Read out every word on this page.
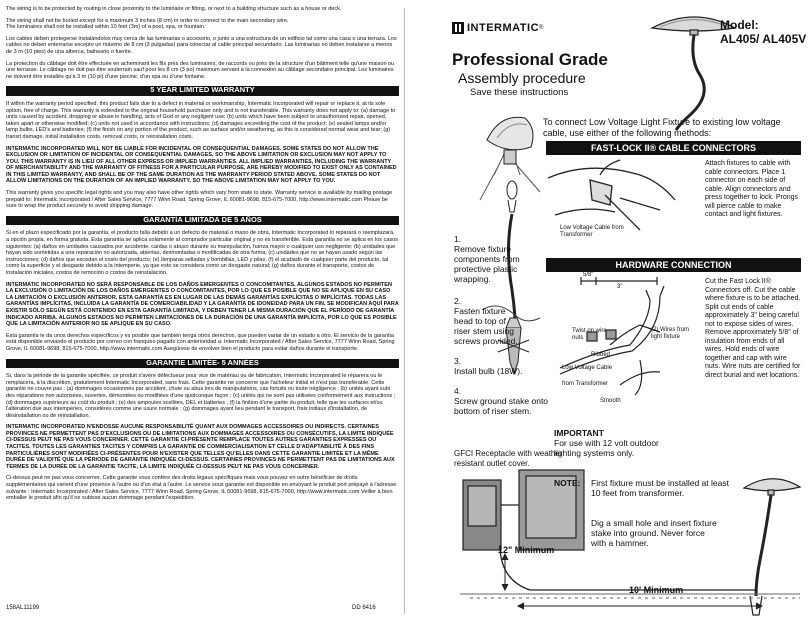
The wiring is to be protected by routing in close proximity to the luminaire or fitting, or next to a building structure such as a house or deck.

The wiring shall not be buried except for a maximum 3 inches (8 cm) in order to connect to the main secondary wire.

The luminaires shall not be installed within 10 feet (3m) of a pool, spa, or fountain.

Los cables deben protegerse instalándolos muy cerca de las luminarias o accesorio, o junto a una estructura de un edificio tal como una casa o una terraza. Los cables no deben enterrarse excepto un máximo de 8 cm (3 pulgadas) para conectar al cable principal secundario. Las luminarias no deben instalarse a menos de 3 m (10 pies) de una alberca, balneario o fuente.

La protection du câblage doit être effectuée en acheminant les fils près des luminaires, de raccords ou près de la structure d'un bâtiment telle qu'une maison ou une terrasse. Le câblage ne doit pas être souterrain sauf pour les 8 cm (3 po) maximum servant à la connexion au câblage secondaire principal. Les luminaires ne doivent être installés qu'à 3 m (10 pi) d'une piscine, d'un spa ou d'une fontaine.

5 YEAR LIMITED WARRANTY

If within the warranty period specified, this product fails due to a defect in material or workmanship, Intermatic Incorporated will repair or replace it, at its sole option, free of charge. This warranty is extended to the original household purchaser only and is not transferable. This warranty does not apply to: (a) damage to units caused by accident, dropping or abuse in handling, acts of God or any negligent use; (b) units which have been subject to unauthorized repair, opened, taken apart or otherwise modified; (c) units not used in accordance with instructions; (d) damages exceeding the cost of the product; (e) sealed lamps and/or lamp bulbs, LED's and batteries; (f) the finish on any portion of the product, such as surface and/or weathering, as this is considered normal wear and tear; (g) transit damage, initial installation costs, removal costs, or reinstallation costs.

INTERMATIC INCORPORATED WILL NOT BE LIABLE FOR INCIDENTAL OR CONSEQUENTIAL DAMAGES. SOME STATES DO NOT ALLOW THE EXCLUSION OR LIMITATION OF INCIDENTAL OR CONSEQUENTIAL DAMAGES, SO THE ABOVE LIMITATION OR EXCLUSION MAY NOT APPLY TO YOU. THIS WARRANTY IS IN LIEU OF ALL OTHER EXPRESS OR IMPLIED WARRANTIES. ALL IMPLIED WARRANTIES, INCLUDING THE WARRANTY OF MERCHANTABILITY AND THE WARRANTY OF FITNESS FOR A PARTICULAR PURPOSE, ARE HEREBY MODIFIED TO EXIST ONLY AS CONTAINED IN THIS LIMITED WARRANTY, AND SHALL BE OF THE SAME DURATION AS THE WARRANTY PERIOD STATED ABOVE. SOME STATES DO NOT ALLOW LIMITATIONS ON THE DURATION OF AN IMPLIED WARRANTY, SO THE ABOVE LIMITATION MAY NOT APPLY TO YOU.

This warranty gives you specific legal rights and you may also have other rights which vary from state to state. Warranty service is available by mailing postage prepaid to: Intermatic Incorporated / After Sales Service, 7777 Winn Road, Spring Grove, IL 60081-9698, 815-675-7000, http://www.intermatic.com Please be sure to wrap the product securely to avoid shipping damage.

GARANTÍA LIMITADA DE 5 AÑOS

Si en el plazo especificado por la garantía, el producto falla debido a un defecto de material o mano de obra, Intermatic Incorporated lo reparará o reemplazará, a opción propia, en forma gratuita. Esta garantía se aplica solamente al comprador particular original y no es transferible. Esta garantía no se aplica en los casos siguientes: (a) daños en unidades causados por accidente, caídas o abuso durante su manipulación, fuerza mayor o cualquier uso negligente; (b) unidades que hayan sido sometidas a una reparación no autorizada, abiertas, desmontadas o modificadas de otra forma; (c) unidades que no se hayan usado según las instrucciones; (d) daños que excedan el costo del producto; (e) lámparas selladas y bombillas, LED y pilas; (f) el acabado de cualquier parte del producto, tal como la superficie y el desgaste debido a la intemperie, ya que esto se considera como un desgaste natural; (g) daños durante el transporte, costos de instalación iniciales, costos de remoción o costos de reinstalación.

INTERMATIC INCORPORATED NO SERÁ RESPONSABLE DE LOS DAÑOS EMERGENTES O CONCOMITANTES. ALGUNOS ESTADOS NO PERMITEN LA EXCLUSIÓN O LIMITACIÓN DE LOS DAÑOS EMERGENTES O CONCOMITANTES, POR LO QUE ES POSIBLE QUE NO SE APLIQUE EN SU CASO LA LIMITACIÓN O EXCLUSIÓN ANTERIOR. ESTA GARANTÍA ES EN LUGAR DE LAS DEMÁS GARANTÍAS EXPLÍCITAS O IMPLÍCITAS. TODAS LAS GARANTÍAS IMPLÍCITAS, INCLUIDA LA GARANTÍA DE COMERCIABILIDAD Y LA GARANTÍA DE IDONEIDAD PARA UN FIN, SE MODIFICAN AQUÍ PARA EXISTIR SÓLO SEGÚN ESTÁ CONTENIDO EN ESTA GARANTÍA LIMITADA, Y DEBEN TENER LA MISMA DURACIÓN QUE EL PERÍODO DE GARANTÍA INDICADO ARRIBA. ALGUNOS ESTADOS NO PERMITEN LIMITACIONES DE LA DURACIÓN DE UNA GARANTÍA IMPLÍCITA, POR LO QUE ES POSIBLE QUE LA LIMITACIÓN ANTERIOR NO SE APLIQUE EN SU CASO.

Esta garantía le da unos derechos específicos y es posible que también tenga otros derechos, que pueden variar de un estado a otro. El servicio de la garantía está disponible enviando el producto por correo con franqueo pagado con anterioridad a: Intermatic Incorporated / After Sales Service, 7777 Winn Road, Spring Grove, IL 60081-9698, 815-675-7000, http://www.intermatic.com Asegúrese de envolver bien el producto para evitar daños durante el transporte.

GARANTIE LIMITÉE- 5 ANNÉES

Si, dans la période de la garantie spécifiée, ce produit s'avère défectueux pour vice de matériau ou de fabrication, Intermatic Incorporated le réparera ou le remplacera, à la discrétion, gratuitement Intermatic Incorporated, sans frais. Cette garantie ne concerne que l'acheteur initial et n'est pas transférable. Cette garantie ne couvre pas : (a) dommages occasionnés par accident, chute ou abus lors de manipulations, cas fortuits ou toute négligence ; (b) unités ayant subi des réparations non autorisées, ouvertes, démontées ou modifiées d'une quelconque façon ; (c) unités qui ne sont pas utilisées conformément aux instructions ; (d) dommages supérieurs au coût du produit ; (e) des ampoules scellées, DEL et batteries ; (f) la finition d'une partie du produit, telle que les surfaces et/ou l'altération due aux intempéries, considérés comme une usure normale ; (g) dommages ayant lieu pendant le transport, frais initiaux d'installation, de désinstallation ou de réinstallation.

INTERMATIC INCORPORATED N'ENDOSSE AUCUNE RESPONSABILITÉ QUANT AUX DOMMAGES ACCESSOIRES OU INDIRECTS. CERTAINES PROVINCES NE PERMETTENT PAS D'EXCLUSIONS OU DE LIMITATIONS AUX DOMMAGES ACCESSOIRES OU CONSÉCUTIFS, LA LIMITE INDIQUÉE CI-DESSUS PEUT NE PAS VOUS CONCERNER. CETTE GARANTIE CI-PRÉSENTE REMPLACE TOUTES AUTRES GARANTIES EXPRESSES OU TACITES. TOUTES LES GARANTIES TACITES Y COMPRIS LA GARANTIE DE COMMERCIALISATION ET CELLE D'ADAPTABILITÉ À DES FINS PARTICULIÈRES SONT MODIFIÉES CI-PRÉSENTES POUR N'EXISTER QUE TELLES QU'ELLES DANS CETTE GARANTIE LIMITÉE ET LA MÊME DURÉE DE VALIDITÉ QUE LA PÉRIODE DE GARANTIE INDIQUÉE CI-DESSUS. CERTAINES PROVINCES NE PERMETTENT PAS DE LIMITATIONS AUX TERMES DE LA DURÉE DE LA GARANTIE TACITE, LA LIMITE INDIQUÉE CI-DESSUS PEUT NE PAS VOUS CONCERNER.

Ci-dessus peut ne pas vous concerner. Cette garantie vous confère des droits légaux spécifiques mais vous pouvez en outre bénéficier de droits supplémentaires qui varient d'une province à l'autre ou d'un état à l'autre. Le service sous garantie est disponible en envoyant le produit port prépayé à l'adresse suivante : Intermatic Incorporated / After Sales Service, 7777 Winn Road, Spring Grove, IL 60081-9698, 815-675-7000, http://www.intermatic.com Veiller à bien emballer le produit afin qu'il ne subisse aucun dommage pendant l'expédition.

158AL11199	DD 6416
INTERMATIC ®	Model:
AL405/ AL405V
Professional Grade
Assembly procedure
Save these instructions
To connect Low Voltage Light Fixture to existing low voltage cable, use either of the following methods:
1.
Remove fixture components from protective plastic wrapping.
2.
Fasten fixture head to top of riser stem using screws provided.
3.
Install bulb (18W).
4.
Screw ground stake onto bottom of riser stem.
FAST-LOCK II® CABLE CONNECTORS
Attach fixtures to cable with cable connectors. Place 1 connector on each side of cable. Align connectors and press together to lock. Prongs will pierce cable to make contact and light fixtures.
Low Voltage Cable from Transformer
HARDWARE CONNECTION
5/8"
3"
Twist on wire nuts
(2) Wires from light fixture
Ribbed
Low Voltage Cable
from Transformer
Smooth
Cut the Fast Lock II® Connectors off. Cut the cable where fixture is to be attached. Split cut ends of cable approximately 3" being careful not to expose sides of wires. Remove approximately 5/8" of insulation from ends of all wires. Hold ends of wire together and cap with wire nuts. Wire nuts are certified for direct burial and wet locations.
IMPORTANT
For use with 12 volt outdoor lighting systems only.
GFCI Receptacle with weather resistant outlet cover.
NOTE: First fixture must be installed at least 10 feet from transformer.
Dig a small hole and insert fixture stake into ground. Never force with a hammer.
12" Minimum
10' Minimum
